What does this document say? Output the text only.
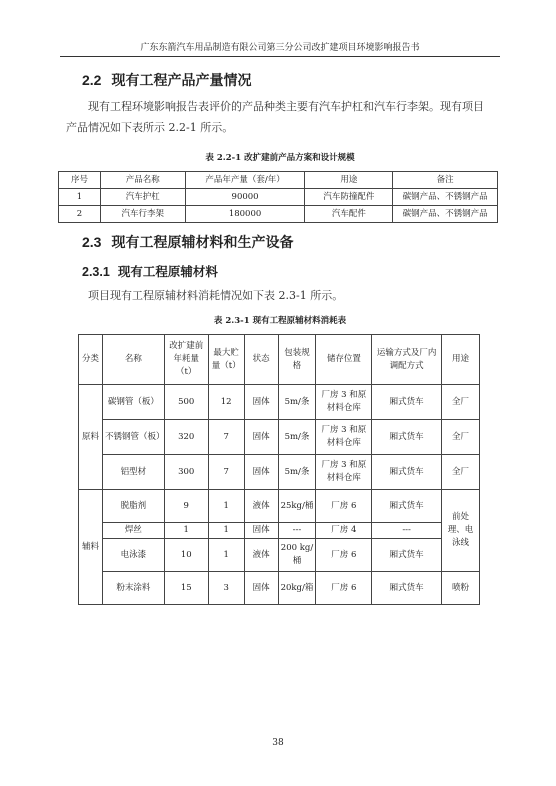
广东东箭汽车用品制造有限公司第三分公司改扩建项目环境影响报告书
2.2 现有工程产品产量情况
现有工程环境影响报告表评价的产品种类主要有汽车护杠和汽车行李架。现有项目产品情况如下表所示 2.2-1 所示。
表 2.2-1 改扩建前产品方案和设计规模
序号	产品名称	产品年产量（套/年）	用途	备注
1	汽车护杠	90000	汽车防撞配件	碳钢产品、不锈钢产品
2	汽车行李架	180000	汽车配件	碳钢产品、不锈钢产品
2.3 现有工程原辅材料和生产设备
2.3.1 现有工程原辅材料
项目现有工程原辅材料消耗情况如下表 2.3-1 所示。
表 2.3-1 现有工程原辅材料消耗表
分类	名称	改扩建前年耗量（t）	最大贮量（t）	状态	包装规格	储存位置	运输方式及厂内调配方式	用途
原料	碳钢管（板）	500	12	固体	5m/条	厂房 3 和原材料仓库	厢式货车	全厂
	不锈钢管（板）	320	7	固体	5m/条	厂房 3 和原材料仓库	厢式货车	全厂
	铝型材	300	7	固体	5m/条	厂房 3 和原材料仓库	厢式货车	全厂
辅料	脱脂剂	9	1	液体	25kg/桶	厂房 6	厢式货车	前处理、电泳线
	焊丝	1	1	固体	---	厂房 4	---	
	电泳漆	10	1	液体	200 kg/桶	厂房 6	厢式货车	
	粉末涂料	15	3	固体	20kg/箱	厂房 6	厢式货车	喷粉
38
